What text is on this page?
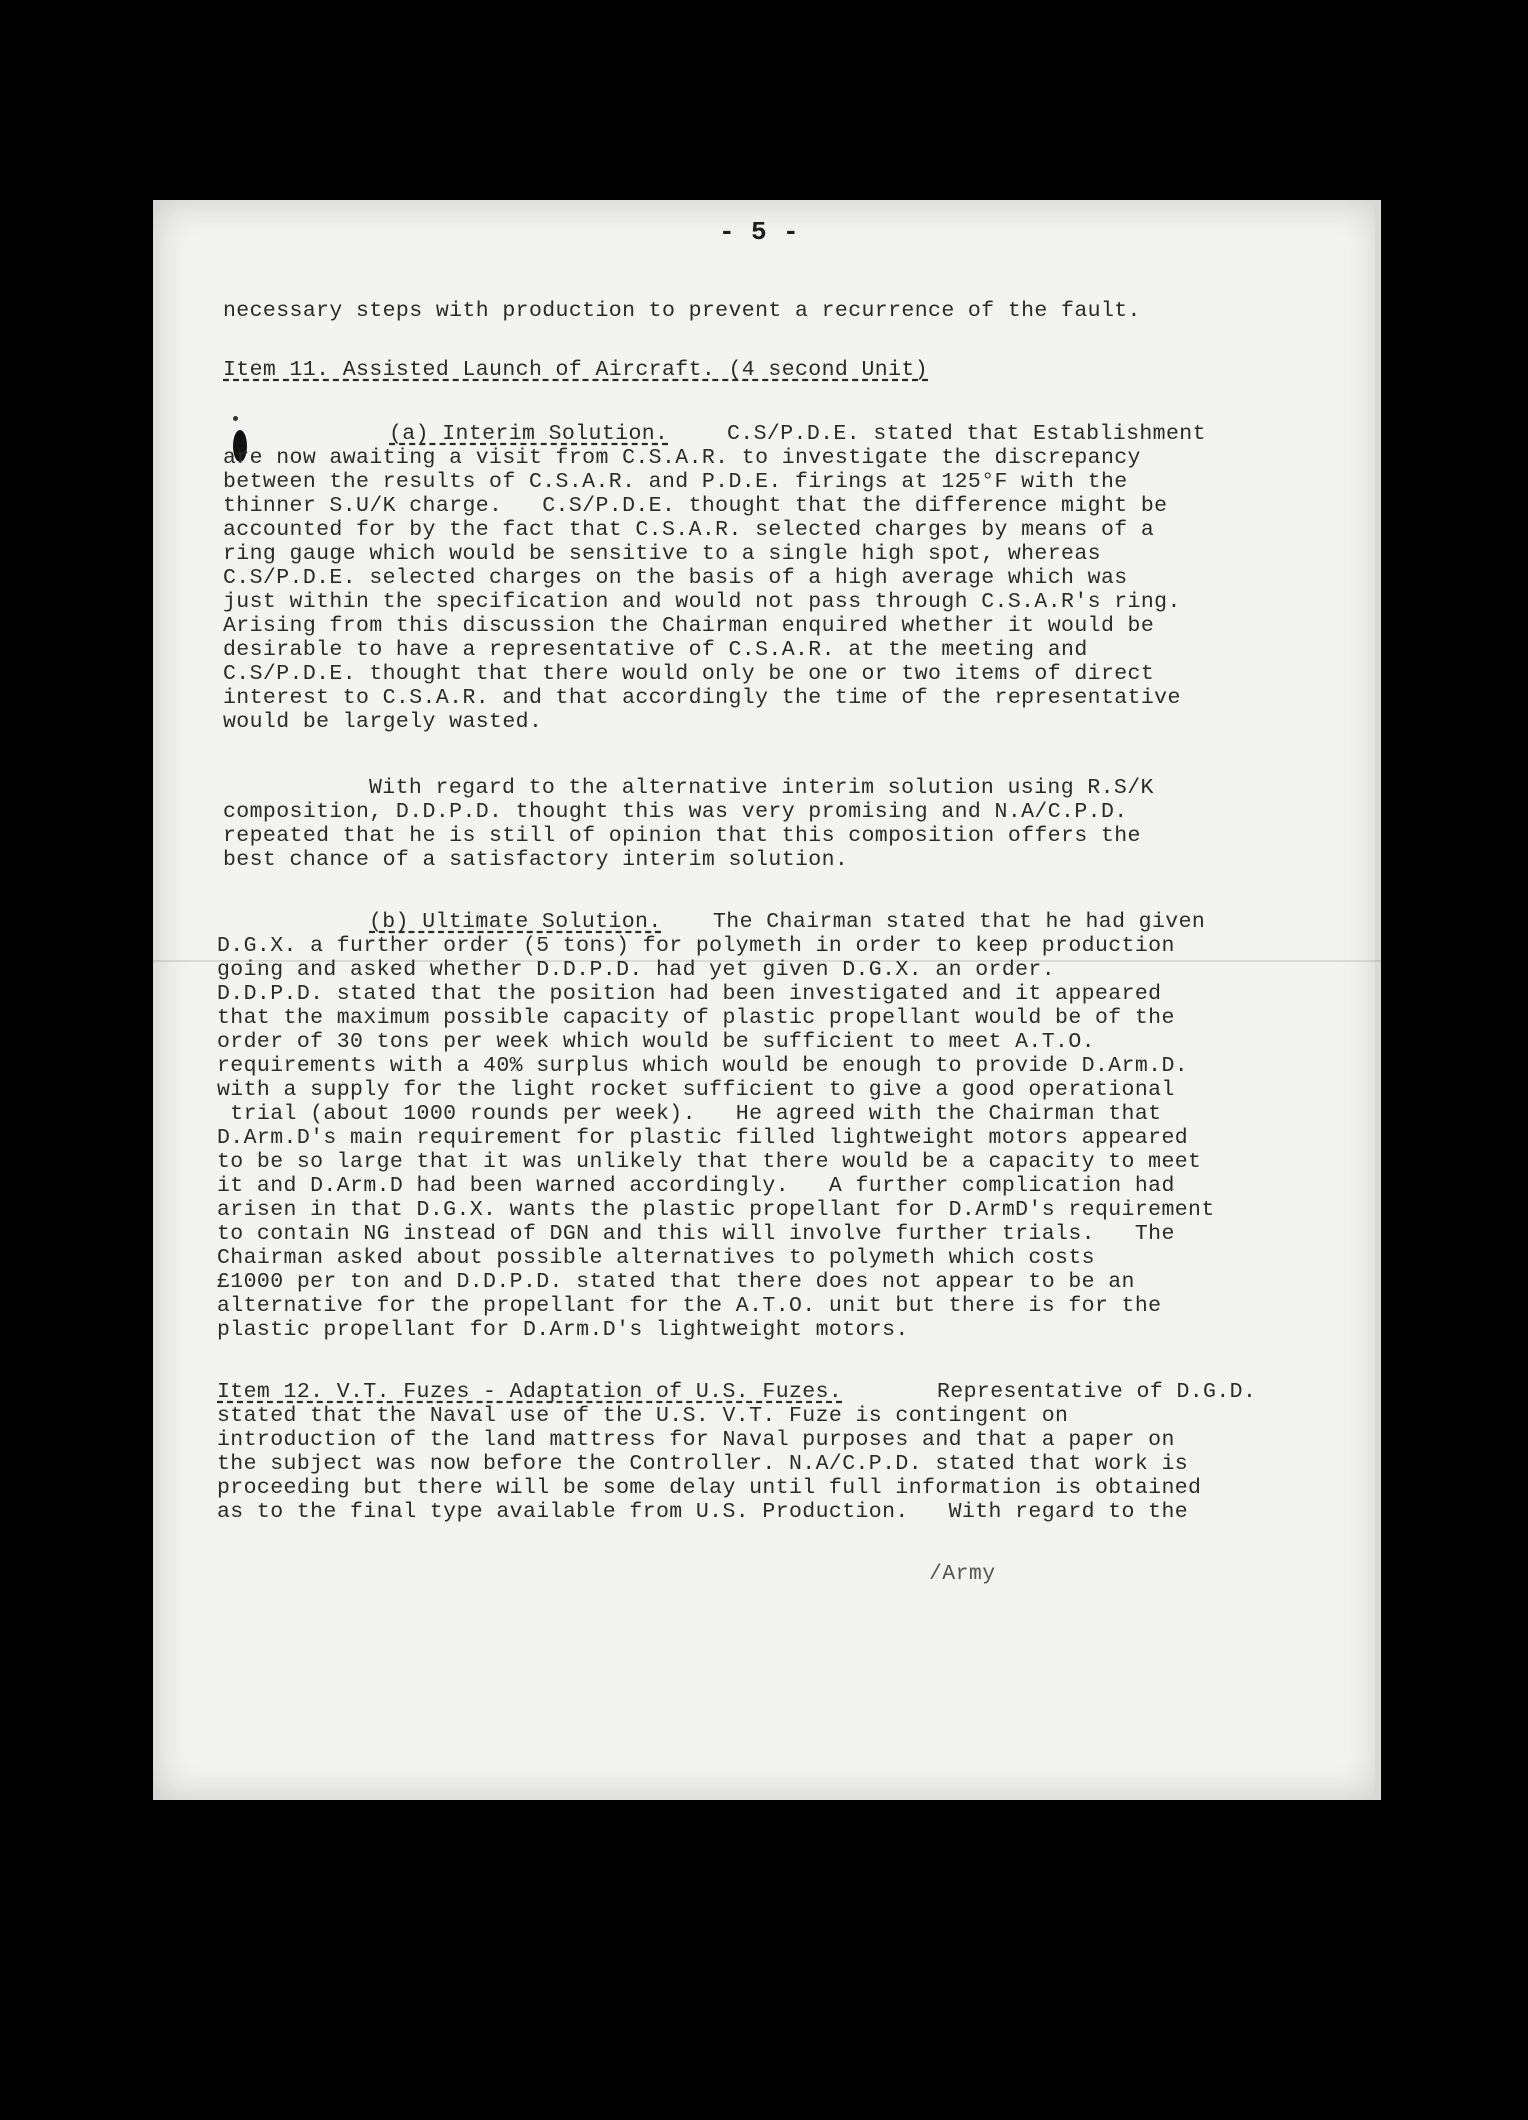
- 5 -
necessary steps with production to prevent a recurrence of the fault.
Item 11. Assisted Launch of Aircraft. (4 second Unit)
(a) Interim Solution.	C.S/P.D.E. stated that Establishment
are now awaiting a visit from C.S.A.R. to investigate the discrepancy
between the results of C.S.A.R. and P.D.E. firings at 125°F with the
thinner S.U/K charge.   C.S/P.D.E. thought that the difference might be
accounted for by the fact that C.S.A.R. selected charges by means of a
ring gauge which would be sensitive to a single high spot, whereas
C.S/P.D.E. selected charges on the basis of a high average which was
just within the specification and would not pass through C.S.A.R's ring.
Arising from this discussion the Chairman enquired whether it would be
desirable to have a representative of C.S.A.R. at the meeting and
C.S/P.D.E. thought that there would only be one or two items of direct
interest to C.S.A.R. and that accordingly the time of the representative
would be largely wasted.
With regard to the alternative interim solution using R.S/K
composition, D.D.P.D. thought this was very promising and N.A/C.P.D.
repeated that he is still of opinion that this composition offers the
best chance of a satisfactory interim solution.
(b) Ultimate Solution. The Chairman stated that he had given
D.G.X. a further order (5 tons) for polymeth in order to keep production
going and asked whether D.D.P.D. had yet given D.G.X. an order.
D.D.P.D. stated that the position had been investigated and it appeared
that the maximum possible capacity of plastic propellant would be of the
order of 30 tons per week which would be sufficient to meet A.T.O.
requirements with a 40% surplus which would be enough to provide D.Arm.D.
with a supply for the light rocket sufficient to give a good operational
trial (about 1000 rounds per week).   He agreed with the Chairman that
D.Arm.D's main requirement for plastic filled lightweight motors appeared
to be so large that it was unlikely that there would be a capacity to meet
it and D.Arm.D had been warned accordingly.   A further complication had
arisen in that D.G.X. wants the plastic propellant for D.ArmD's requirement
to contain NG instead of DGN and this will involve further trials.   The
Chairman asked about possible alternatives to polymeth which costs
£1000 per ton and D.D.P.D. stated that there does not appear to be an
alternative for the propellant for the A.T.O. unit but there is for the
plastic propellant for D.Arm.D's lightweight motors.
Item 12. V.T. Fuzes - Adaptation of U.S. Fuzes.	Representative of D.G.D.
stated that the Naval use of the U.S. V.T. Fuze is contingent on
introduction of the land mattress for Naval purposes and that a paper on
the subject was now before the Controller. N.A/C.P.D. stated that work is
proceeding but there will be some delay until full information is obtained
as to the final type available from U.S. Production.   With regard to the
/Army
